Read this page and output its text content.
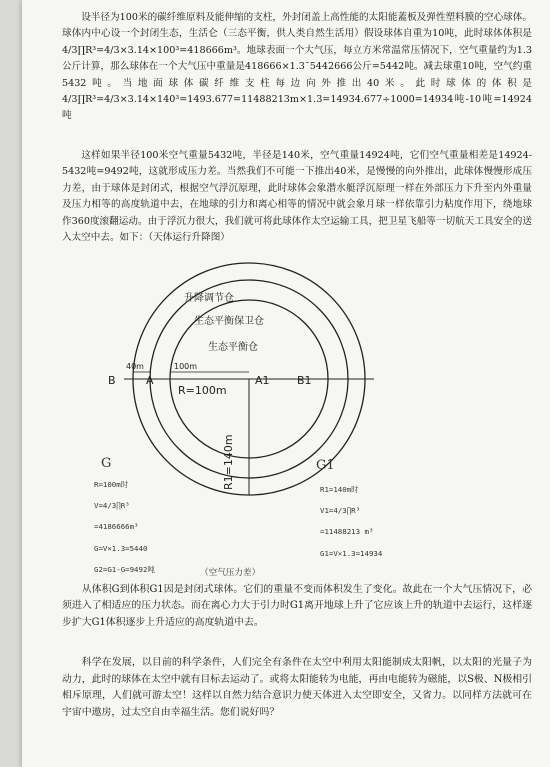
设半径为100米的碳纤维原料及能伸缩的支柱，外封闭盖上高性能的太阳能蓋板及弹性塑料膜的空心球体。球体内中心设一个封闭生态，生活仑（三态平衡，供人类自然生活用）假设球体自重为10吨，此时球体体积是4/3∏R³=4/3×3.14×100³=418666m³。地球表面一个大气压，每立方米常温常压情况下，空气重量约为1.3公斤计算，那么球体在一个大气压中重量是418666×1.3˜5442666公斤=5442吨。减去球重10吨，空气约重5432吨。当地面球体碳纤维支柱每边向外推出40米。此时球体的体积是4/3∏R³=4/3×3.14×140³=1493.677=11488213m×1.3=14934.677÷1000=14934吨-10吨=14924吨

这样如果半径100米空气重量5432吨，半径是140米，空气重量14924吨，它们空气重量相差是14924-5432吨=9492吨，这就形成压力差。当然我们不可能一下推出40米，是慢慢的向外推出，此球体慢慢形成压力差，由于球体是封闭式，根据空气浮沉原理，此时球体会象潜水艇浮沉原理一样在外部压力下升至内外重量及压力相等的高度轨道中去，在地球的引力和离心相等的情况中就会象月球一样依靠引力粘度作用下，绕地球作360度滚翻运动。由于浮沉力很大，我们就可将此球体作太空运输工具，把卫星飞船等一切航天工具安全的送入太空中去。如下：（天体运行升降图）

升降调节仓
生态平衡保卫仓
生态平衡仓
B	A	A1 B1
40m	100m
R=100m
R1=140m
G
R=100m时
V=4/3∏R³
=4186666m³
G=V×1.3=5440
G2=G1-G=9492吨
G1
R1=140m时
V1=4/3∏R³
=11488213 m³
G1=V×1.3=14934
（空气压力差）

从体积G到体积G1因是封闭式球体。它们的重量不变而体积发生了变化。故此在一个大气压情况下，必须进入了相适应的压力状态。而在离心力大于引力时G1离开地球上升了它应该上升的轨道中去运行，这样逐步扩大G1体积逐步上升适应的高度轨道中去。

科学在发展，以目前的科学条件，人们完全有条件在太空中利用太阳能制成太阳帆，以太阳的光量子为动力，此时的球体在太空中就有目标去运动了。或将太阳能转为电能，再由电能转为磁能，以S极、N极相引相斥原理，人们就可游太空！这样以自然力结合意识力使天体进入太空即安全，又省力。以同样方法就可在宇宙中遨房，过太空自由幸福生活。您们说好吗？
